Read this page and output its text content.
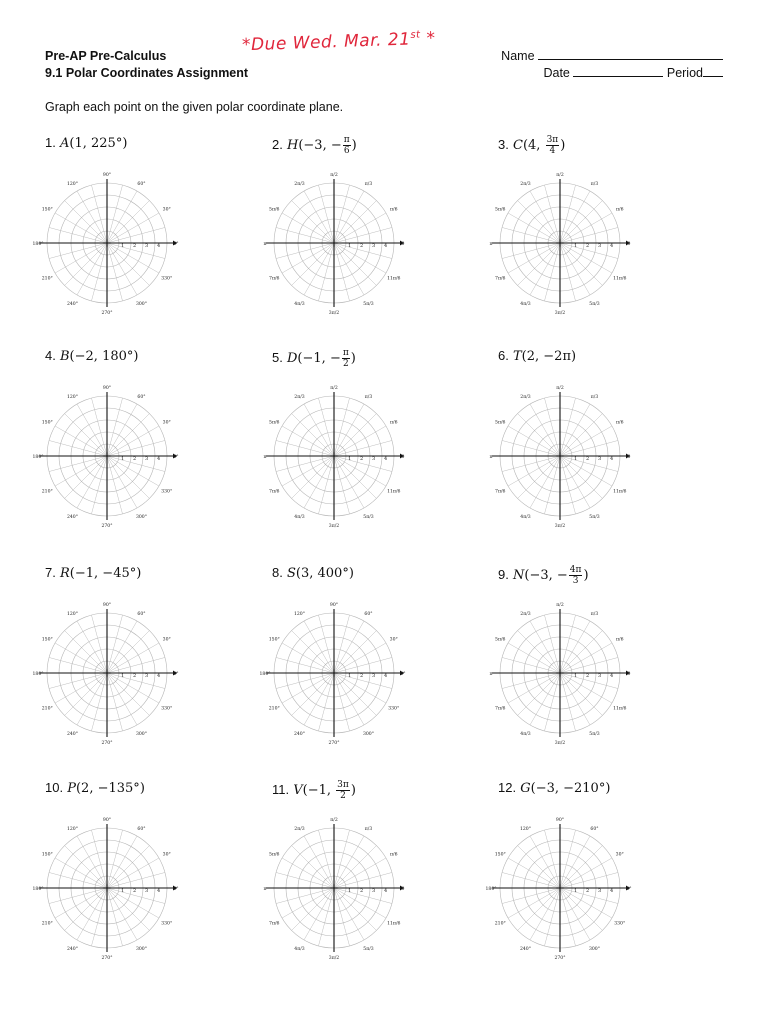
Pre-AP Pre-Calculus
9.1 Polar Coordinates Assignment
*Due Wed. Mar. 21st *
Name
Date	Period
Graph each point on the given polar coordinate plane.
1. A(1, 225°)
1 2 3 4	0°
30°
60°
90°
120°
150°
180°
210°
240°
270°
300°
330°
2. H(−3, − $\frac{\pi}{6}$ )
1 2 3 4	0
π/6
π/3
π/2
2π/3
5π/6
π
7π/6
4π/3
3π/2
5π/3
11π/6
3. C(4, $\frac{3\pi}{4}$ )
1 2 3 4	0
π/6
π/3
π/2
2π/3
5π/6
π
7π/6
4π/3
3π/2
5π/3
11π/6
4. B(−2, 180°)
1 2 3 4	0°
30°
60°
90°
120°
150°
180°
210°
240°
270°
300°
330°
5. D(−1, − $\frac{\pi}{2}$ )
1 2 3 4	0
π/6
π/3
π/2
2π/3
5π/6
π
7π/6
4π/3
3π/2
5π/3
11π/6
6. T(2, −2π)
1 2 3 4	0
π/6
π/3
π/2
2π/3
5π/6
π
7π/6
4π/3
3π/2
5π/3
11π/6
7. R(−1, −45°)
1 2 3 4	0°
30°
60°
90°
120°
150°
180°
210°
240°
270°
300°
330°
8. S(3, 400°)
1 2 3 4	0°
30°
60°
90°
120°
150°
180°
210°
240°
270°
300°
330°
9. N(−3, − $\frac{4\pi}{3}$ )
1 2 3 4	0
π/6
π/3
π/2
2π/3
5π/6
π
7π/6
4π/3
3π/2
5π/3
11π/6
10. P(2, −135°)
1 2 3 4	0°
30°
60°
90°
120°
150°
180°
210°
240°
270°
300°
330°
11. V(−1, $\frac{3\pi}{2}$ )
1 2 3 4	0
π/6
π/3
π/2
2π/3
5π/6
π
7π/6
4π/3
3π/2
5π/3
11π/6
12. G(−3, −210°)
1 2 3 4	0°
30°
60°
90°
120°
150°
180°
210°
240°
270°
300°
330°
